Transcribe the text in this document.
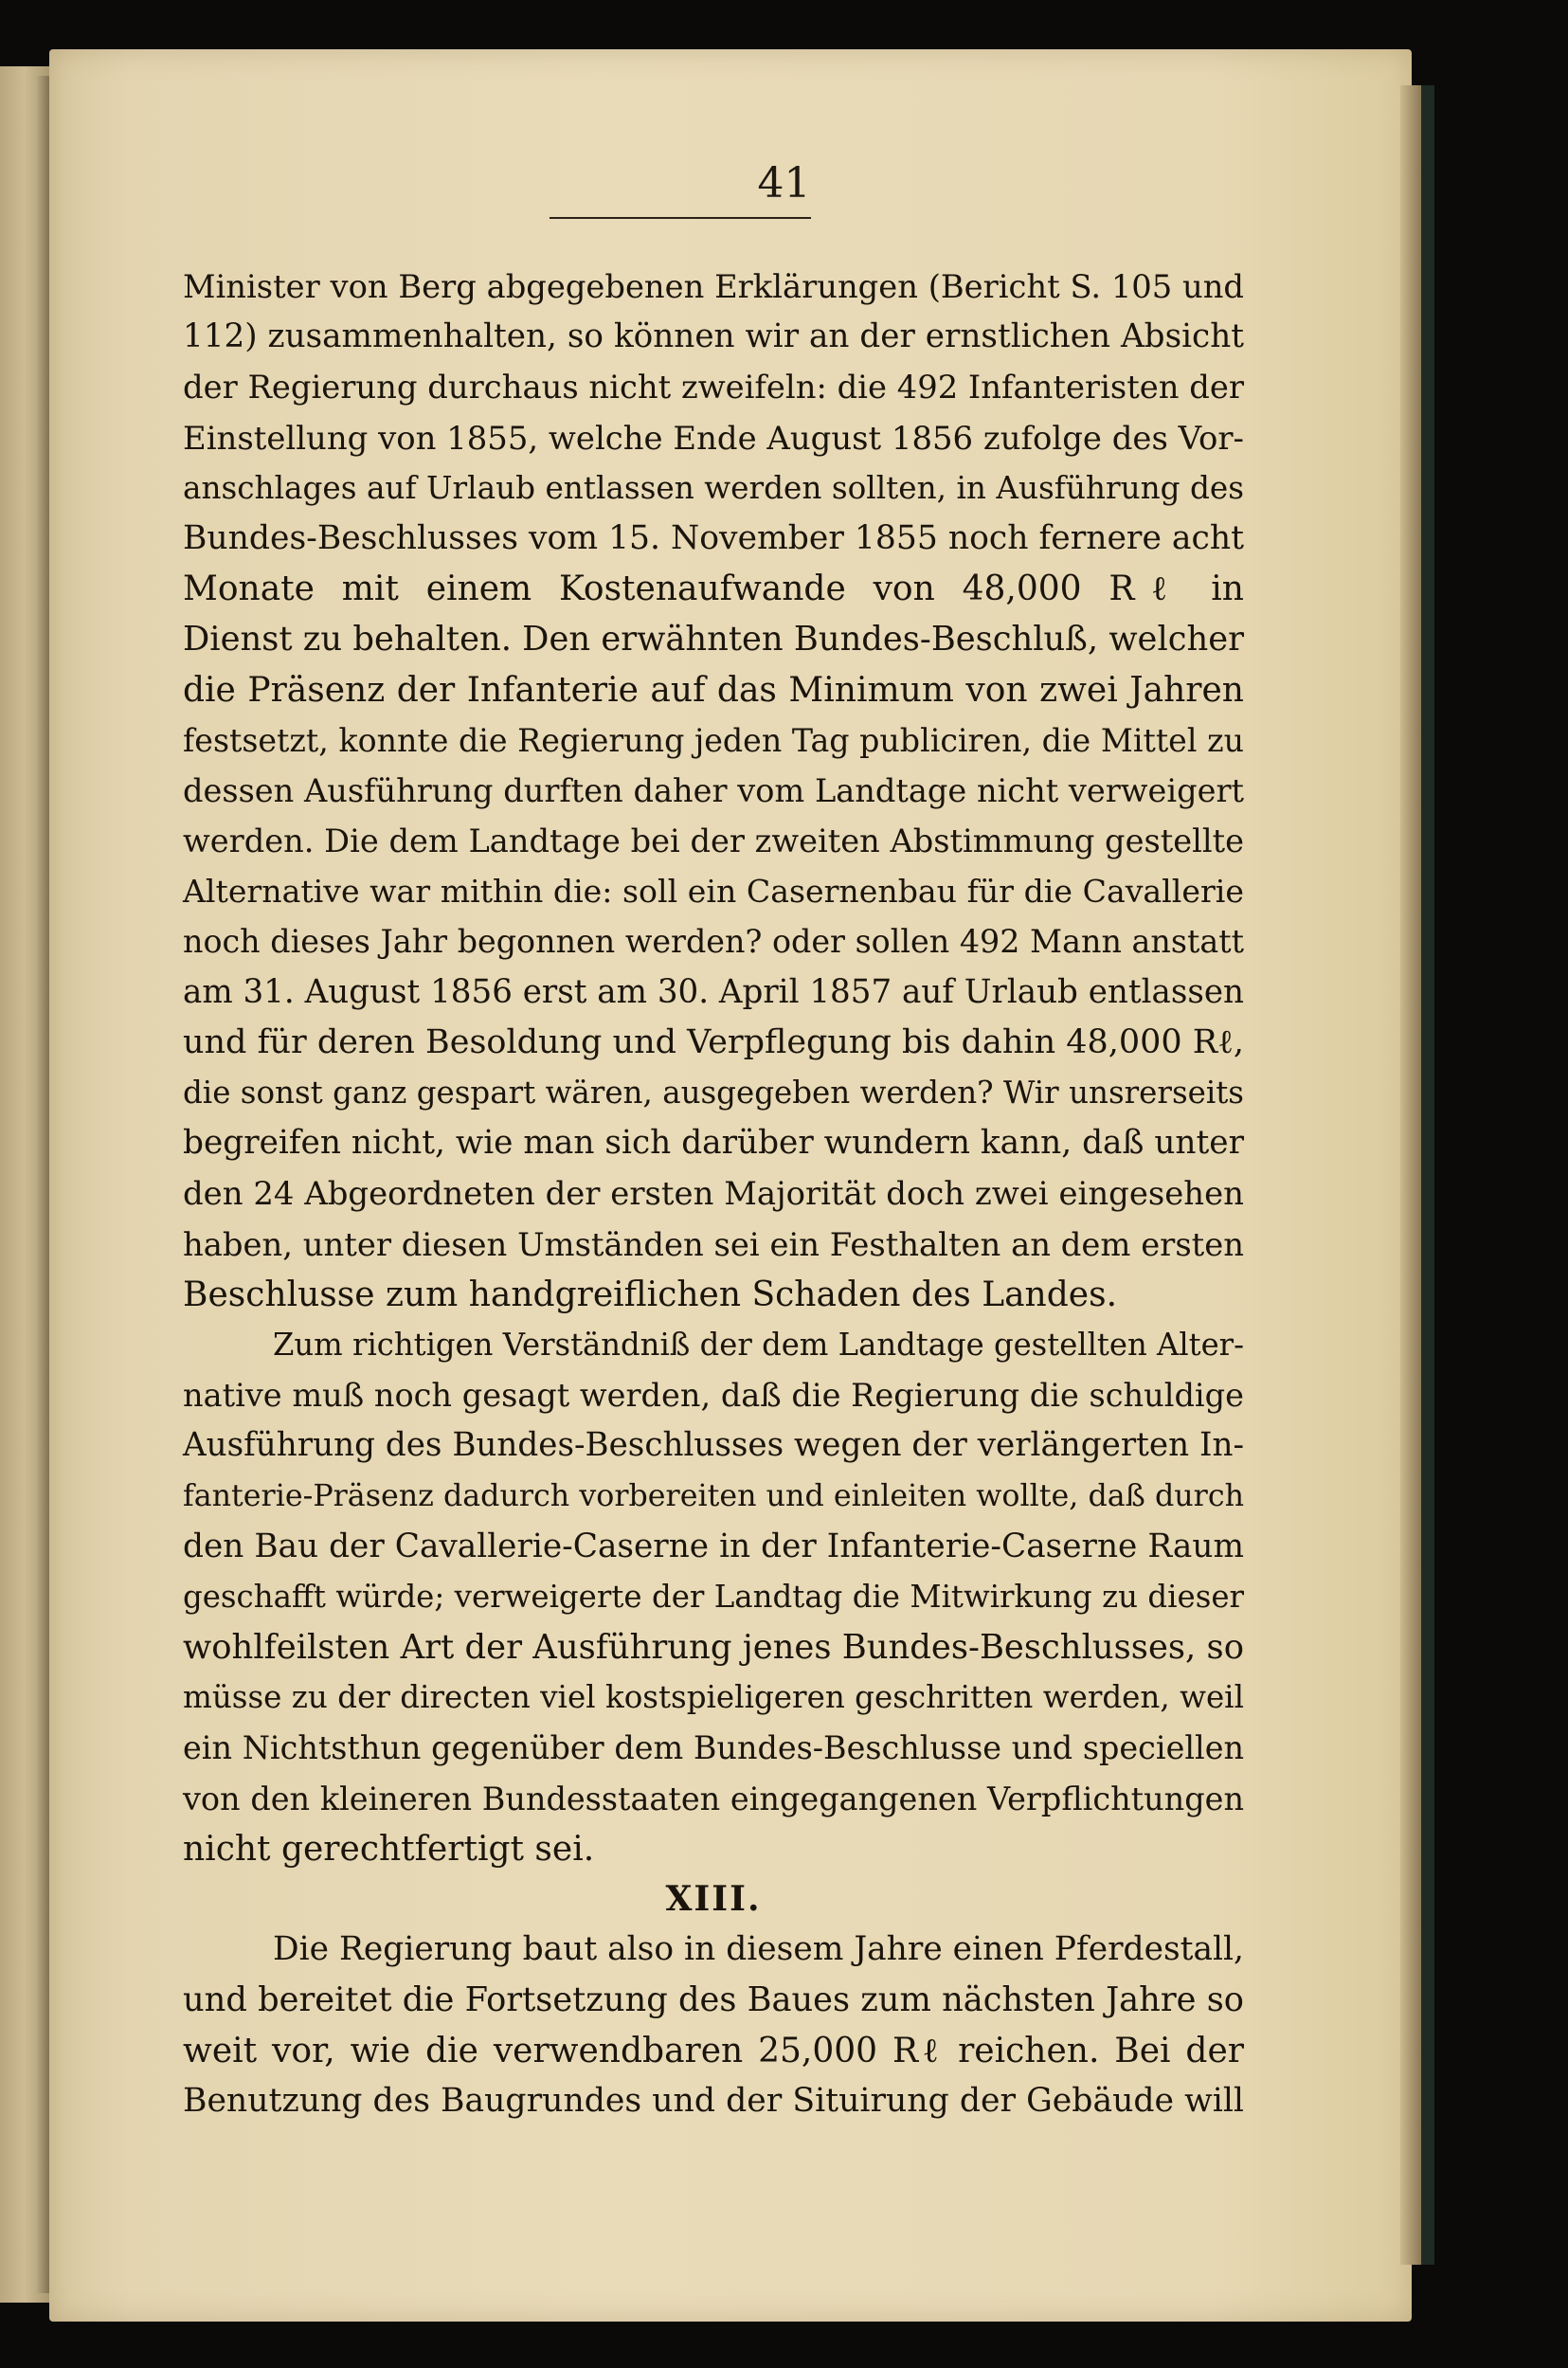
41
Minister von Berg abgegebenen Erklärungen (Bericht S. 105 und
112) zusammenhalten, so können wir an der ernstlichen Absicht
der Regierung durchaus nicht zweifeln: die 492 Infanteristen der
Einstellung von 1855, welche Ende August 1856 zufolge des Vor-
anschlages auf Urlaub entlassen werden sollten, in Ausführung des
Bundes-Beschlusses vom 15. November 1855 noch fernere acht
Monate mit einem Kostenaufwande von 48,000 Rℓ in
Dienst zu behalten. Den erwähnten Bundes-Beschluß, welcher
die Präsenz der Infanterie auf das Minimum von zwei Jahren
festsetzt, konnte die Regierung jeden Tag publiciren, die Mittel zu
dessen Ausführung durften daher vom Landtage nicht verweigert
werden. Die dem Landtage bei der zweiten Abstimmung gestellte
Alternative war mithin die: soll ein Casernenbau für die Cavallerie
noch dieses Jahr begonnen werden? oder sollen 492 Mann anstatt
am 31. August 1856 erst am 30. April 1857 auf Urlaub entlassen
und für deren Besoldung und Verpflegung bis dahin 48,000 Rℓ,
die sonst ganz gespart wären, ausgegeben werden? Wir unsrerseits
begreifen nicht, wie man sich darüber wundern kann, daß unter
den 24 Abgeordneten der ersten Majorität doch zwei eingesehen
haben, unter diesen Umständen sei ein Festhalten an dem ersten
Beschlusse zum handgreiflichen Schaden des Landes.
Zum richtigen Verständniß der dem Landtage gestellten Alter-
native muß noch gesagt werden, daß die Regierung die schuldige
Ausführung des Bundes-Beschlusses wegen der verlängerten In-
fanterie-Präsenz dadurch vorbereiten und einleiten wollte, daß durch
den Bau der Cavallerie-Caserne in der Infanterie-Caserne Raum
geschafft würde; verweigerte der Landtag die Mitwirkung zu dieser
wohlfeilsten Art der Ausführung jenes Bundes-Beschlusses, so
müsse zu der directen viel kostspieligeren geschritten werden, weil
ein Nichtsthun gegenüber dem Bundes-Beschlusse und speciellen
von den kleineren Bundesstaaten eingegangenen Verpflichtungen
nicht gerechtfertigt sei.
XIII.
Die Regierung baut also in diesem Jahre einen Pferdestall,
und bereitet die Fortsetzung des Baues zum nächsten Jahre so
weit vor, wie die verwendbaren 25,000 Rℓ reichen. Bei der
Benutzung des Baugrundes und der Situirung der Gebäude will
